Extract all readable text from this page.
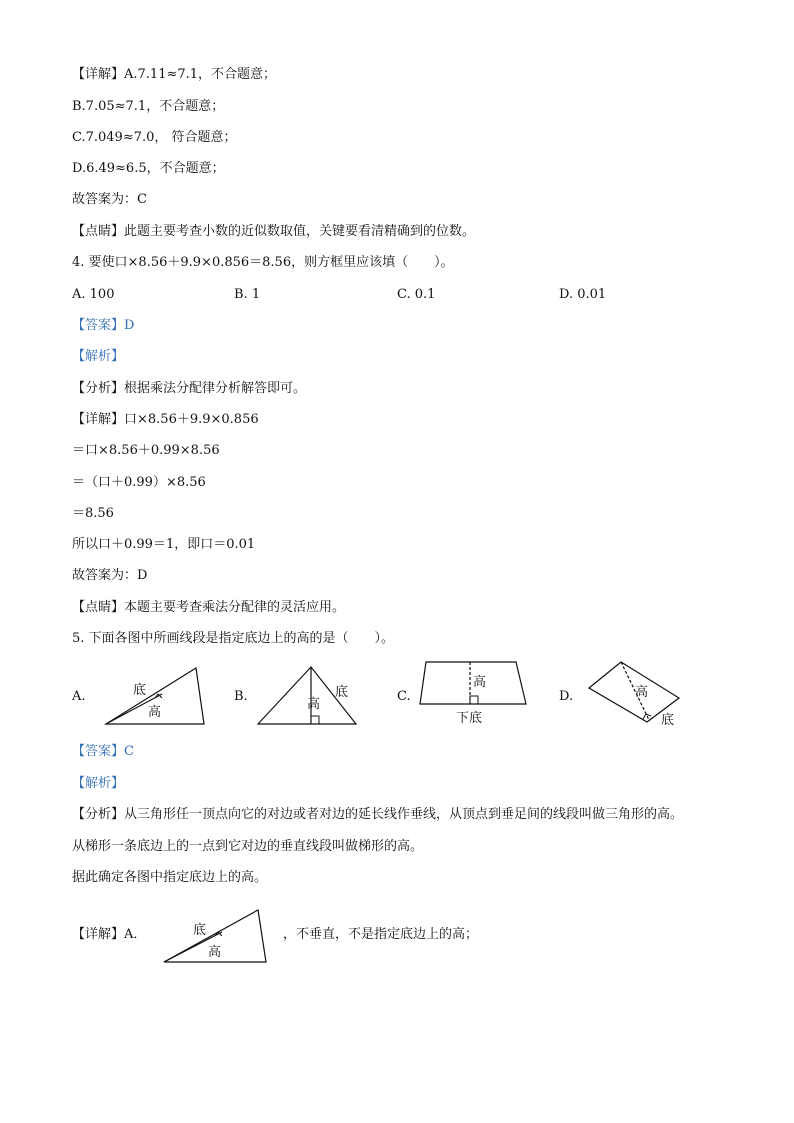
【详解】A.7.11≈7.1，不合题意；
B.7.05≈7.1，不合题意；
C.7.049≈7.0， 符合题意；
D.6.49≈6.5，不合题意；
故答案为：C
【点睛】此题主要考查小数的近似数取值，关键要看清精确到的位数。
4. 要使口×8.56＋9.9×0.856＝8.56，则方框里应该填（　　）。
A. 100	B. 1	C. 0.1	D. 0.01
【答案】D
【解析】
【分析】根据乘法分配律分析解答即可。
【详解】口×8.56＋9.9×0.856
＝口×8.56＋0.99×8.56
＝（口＋0.99）×8.56
＝8.56
所以口＋0.99＝1，即口＝0.01
故答案为：D
【点睛】本题主要考查乘法分配律的灵活应用。
5. 下面各图中所画线段是指定底边上的高的是（　　）。
A.	底
高
B.
高
底	C.
高
下底
D.	高
底
【答案】C
【解析】
【分析】从三角形任一顶点向它的对边或者对边的延长线作垂线，从顶点到垂足间的线段叫做三角形的高。
从梯形一条底边上的一点到它对边的垂直线段叫做梯形的高。
据此确定各图中指定底边上的高。
【详解】A．	底
高
，不垂直，不是指定底边上的高；
